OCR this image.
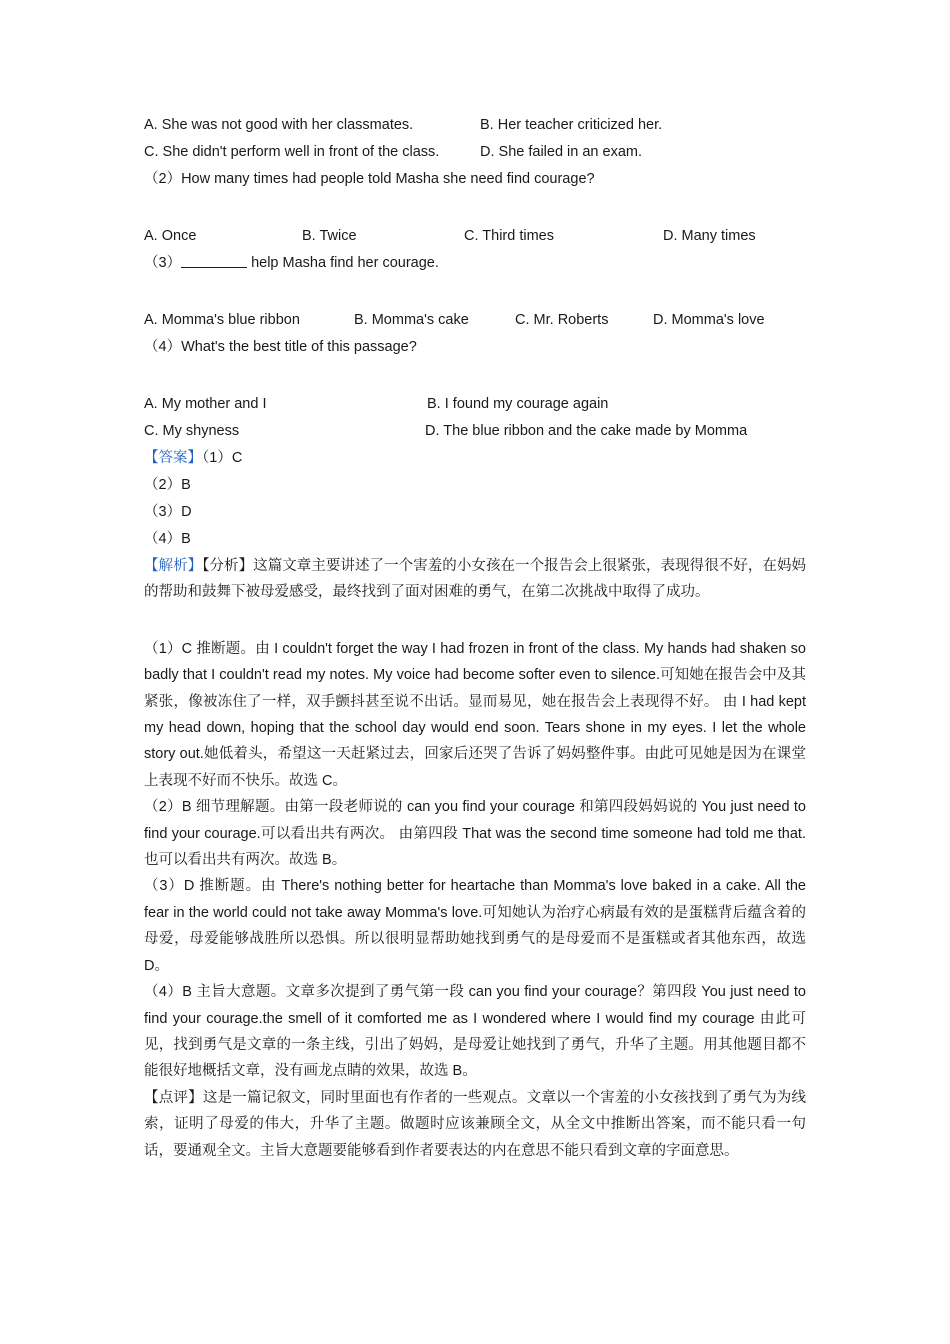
A. She was not good with her classmates.	B. Her teacher criticized her.
C. She didn't perform well in front of the class.	D. She failed in an exam.
（2）How many times had people told Masha she need find courage?
A. Once	B. Twice	C. Third times	D. Many times
（3）	help Masha find her courage.
A. Momma's blue ribbon	B. Momma's cake	C. Mr. Roberts	D. Momma's love
（4）What's the best title of this passage?
A. My mother and I	B. I found my courage again
C. My shyness	D. The blue ribbon and the cake made by Momma
【答案】（1）C
（2）B
（3）D
（4）B

【解析】【分析】这篇文章主要讲述了一个害羞的小女孩在一个报告会上很紧张，表现得很不好，在妈妈的帮助和鼓舞下被母爱感受，最终找到了面对困难的勇气，在第二次挑战中取得了成功。

（1）C 推断题。由 I couldn't forget the way I had frozen in front of the class. My hands had shaken so badly that I couldn't read my notes. My voice had become softer even to silence.可知她在报告会中及其紧张，像被冻住了一样，双手颤抖甚至说不出话。显而易见，她在报告会上表现得不好。 由 I had kept my head down, hoping that the school day would end soon. Tears shone in my eyes. I let the whole story out.她低着头，希望这一天赶紧过去，回家后还哭了告诉了妈妈整件事。由此可见她是因为在课堂上表现不好而不快乐。故选 C。

（2）B 细节理解题。由第一段老师说的 can you find your courage 和第四段妈妈说的 You just need to find your courage.可以看出共有两次。 由第四段 That was the second time someone had told me that. 也可以看出共有两次。故选 B。

（3）D 推断题。由 There's nothing better for heartache than Momma's love baked in a cake. All the fear in the world could not take away Momma's love.可知她认为治疗心病最有效的是蛋糕背后蕴含着的母爱，母爱能够战胜所以恐惧。所以很明显帮助她找到勇气的是母爱而不是蛋糕或者其他东西，故选 D。

（4）B 主旨大意题。文章多次提到了勇气第一段 can you find your courage？第四段 You just need to find your courage.the smell of it comforted me as I wondered where I would find my courage 由此可见，找到勇气是文章的一条主线，引出了妈妈，是母爱让她找到了勇气，升华了主题。用其他题目都不能很好地概括文章，没有画龙点睛的效果，故选 B。

【点评】这是一篇记叙文，同时里面也有作者的一些观点。文章以一个害羞的小女孩找到了勇气为为线索，证明了母爱的伟大，升华了主题。做题时应该兼顾全文，从全文中推断出答案，而不能只看一句话，要通观全文。主旨大意题要能够看到作者要表达的内在意思不能只看到文章的字面意思。
